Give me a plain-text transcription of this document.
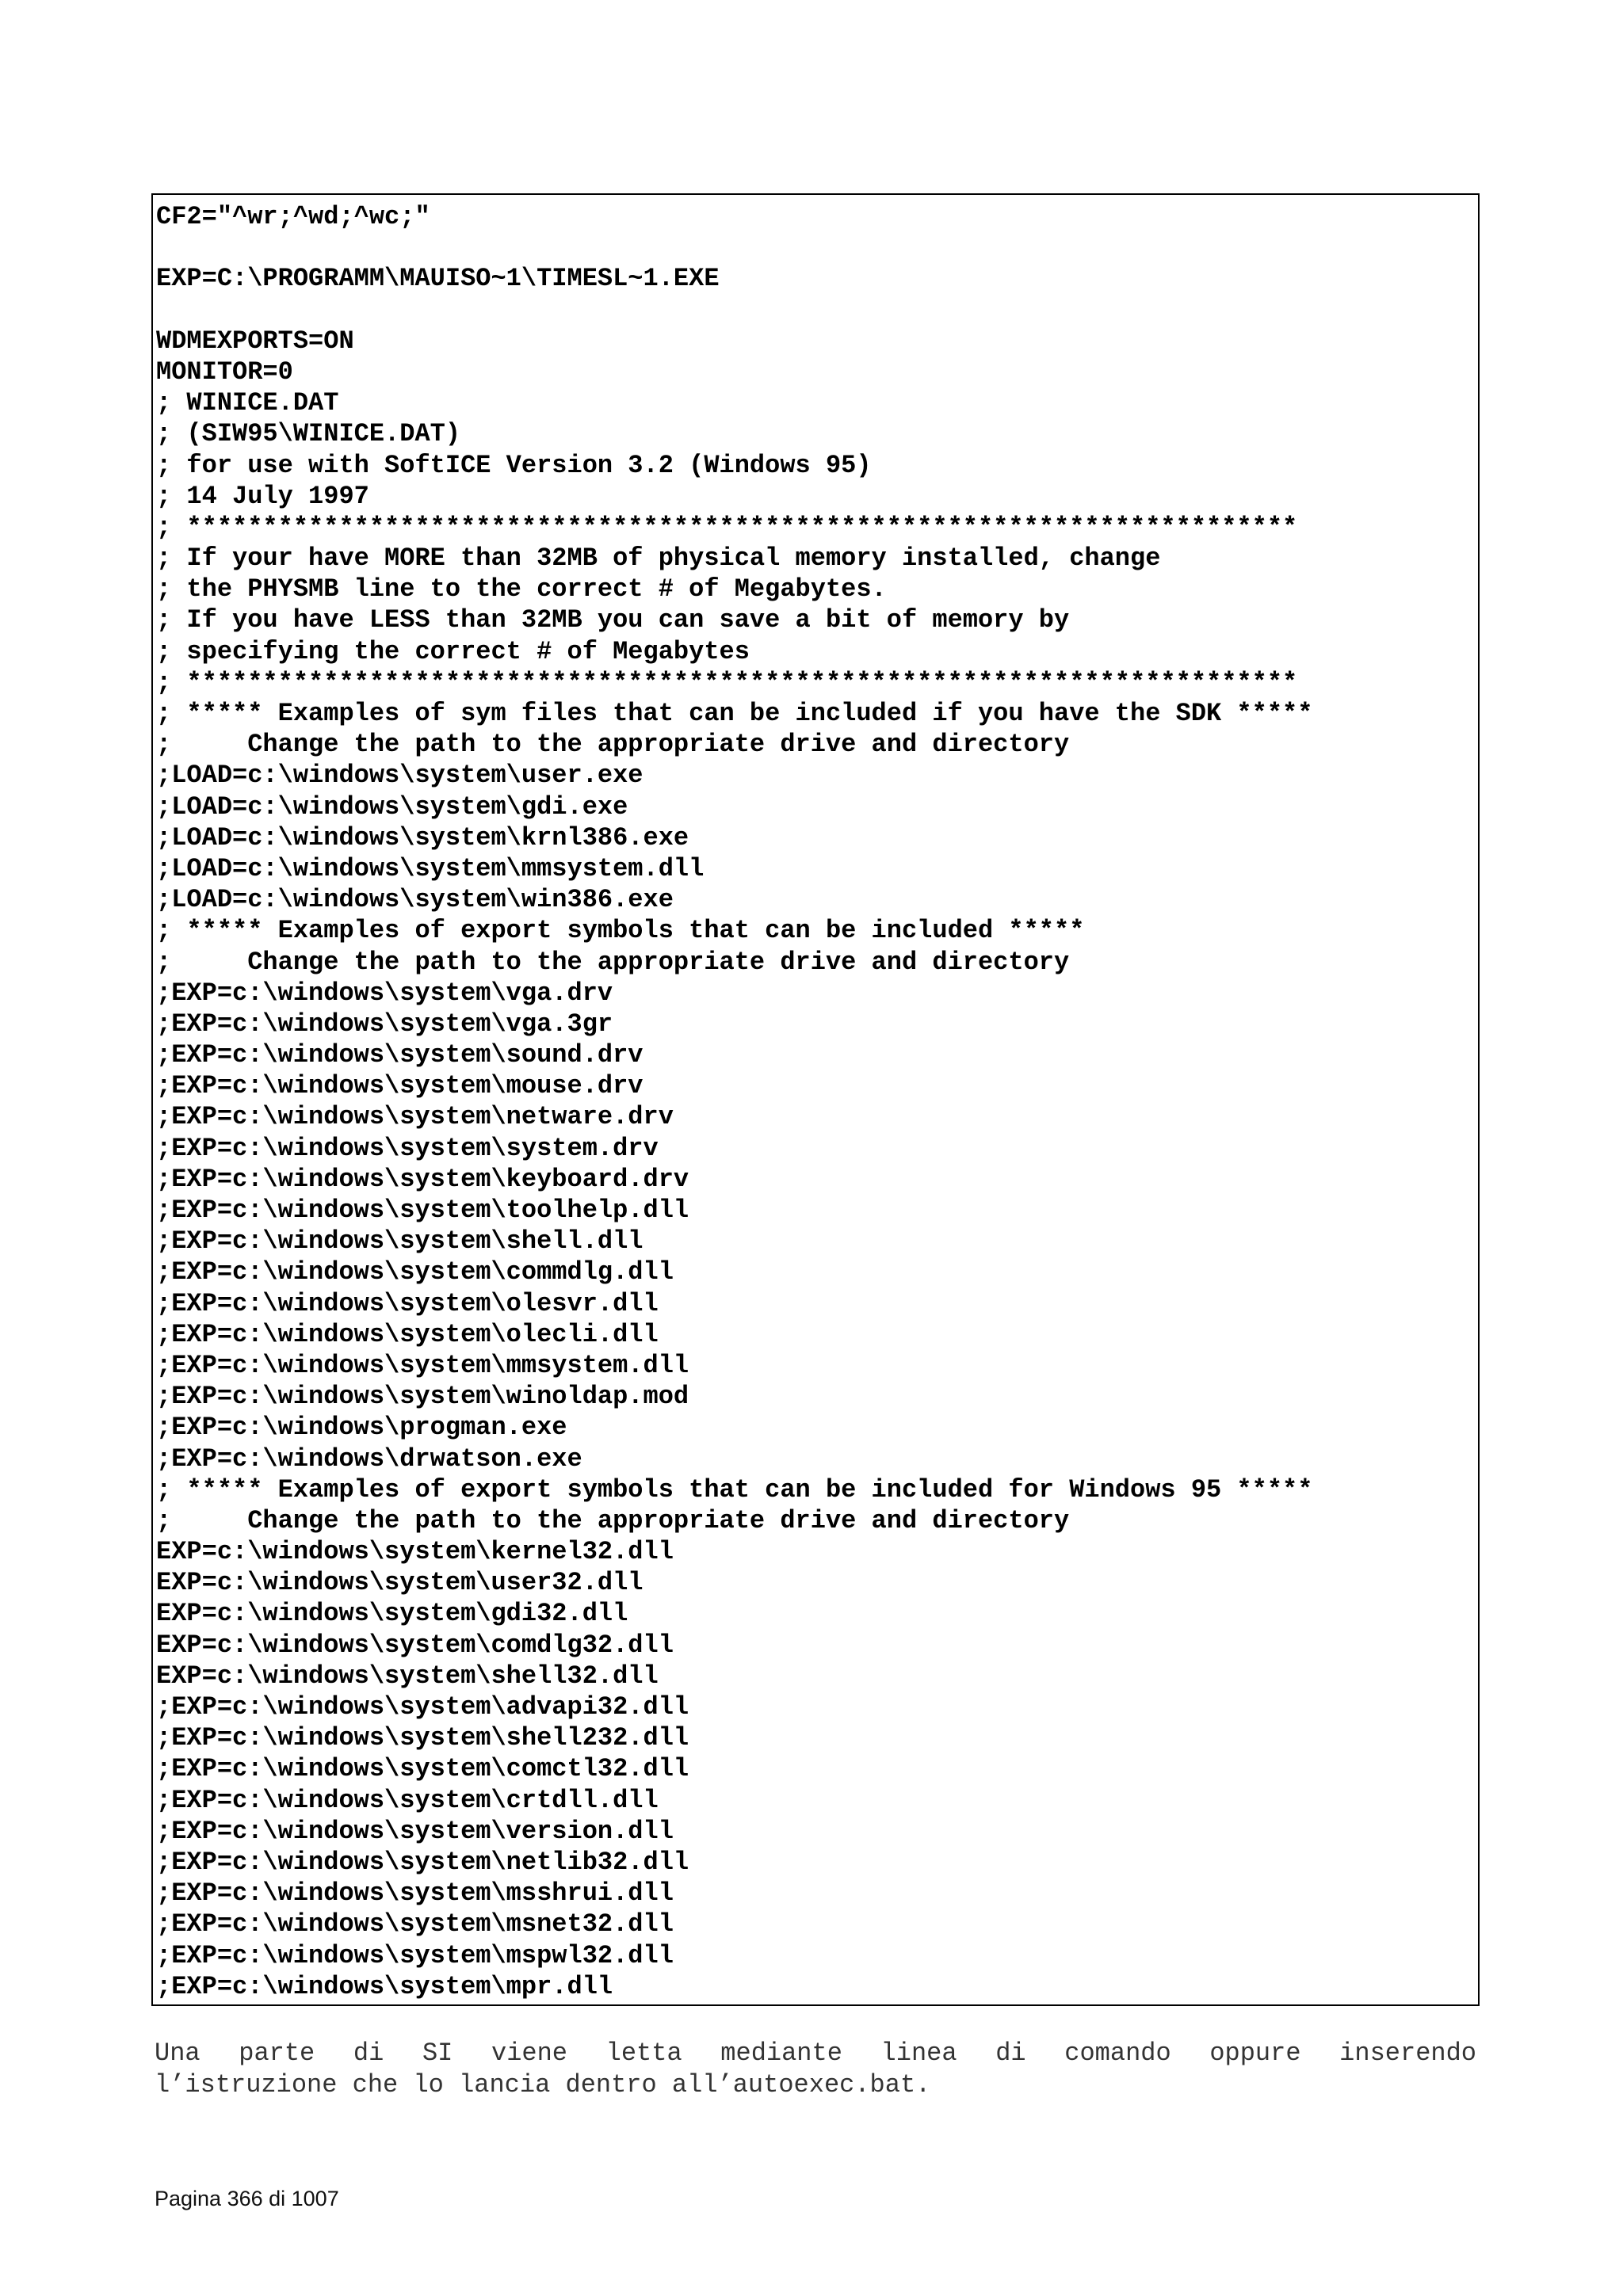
CF2="^wr;^wd;^wc;"
EXP=C:\PROGRAMM\MAUISO~1\TIMESL~1.EXE
WDMEXPORTS=ON
MONITOR=0
; WINICE.DAT
; (SIW95\WINICE.DAT)
; for use with SoftICE Version 3.2 (Windows 95)
; 14 July 1997
; *************************************************************************
; If your have MORE than 32MB of physical memory installed, change
; the PHYSMB line to the correct # of Megabytes.
; If you have LESS than 32MB you can save a bit of memory by
; specifying the correct # of Megabytes
; *************************************************************************
; ***** Examples of sym files that can be included if you have the SDK *****
;     Change the path to the appropriate drive and directory
;LOAD=c:\windows\system\user.exe
;LOAD=c:\windows\system\gdi.exe
;LOAD=c:\windows\system\krnl386.exe
;LOAD=c:\windows\system\mmsystem.dll
;LOAD=c:\windows\system\win386.exe
; ***** Examples of export symbols that can be included *****
;     Change the path to the appropriate drive and directory
;EXP=c:\windows\system\vga.drv
;EXP=c:\windows\system\vga.3gr
;EXP=c:\windows\system\sound.drv
;EXP=c:\windows\system\mouse.drv
;EXP=c:\windows\system\netware.drv
;EXP=c:\windows\system\system.drv
;EXP=c:\windows\system\keyboard.drv
;EXP=c:\windows\system\toolhelp.dll
;EXP=c:\windows\system\shell.dll
;EXP=c:\windows\system\commdlg.dll
;EXP=c:\windows\system\olesvr.dll
;EXP=c:\windows\system\olecli.dll
;EXP=c:\windows\system\mmsystem.dll
;EXP=c:\windows\system\winoldap.mod
;EXP=c:\windows\progman.exe
;EXP=c:\windows\drwatson.exe
; ***** Examples of export symbols that can be included for Windows 95 *****
;     Change the path to the appropriate drive and directory
EXP=c:\windows\system\kernel32.dll
EXP=c:\windows\system\user32.dll
EXP=c:\windows\system\gdi32.dll
EXP=c:\windows\system\comdlg32.dll
EXP=c:\windows\system\shell32.dll
;EXP=c:\windows\system\advapi32.dll
;EXP=c:\windows\system\shell232.dll
;EXP=c:\windows\system\comctl32.dll
;EXP=c:\windows\system\crtdll.dll
;EXP=c:\windows\system\version.dll
;EXP=c:\windows\system\netlib32.dll
;EXP=c:\windows\system\msshrui.dll
;EXP=c:\windows\system\msnet32.dll
;EXP=c:\windows\system\mspwl32.dll
;EXP=c:\windows\system\mpr.dll
Una parte di SI viene letta mediante linea di comando oppure inserendo
l’istruzione che lo lancia dentro all’autoexec.bat.
Pagina 366 di 1007
